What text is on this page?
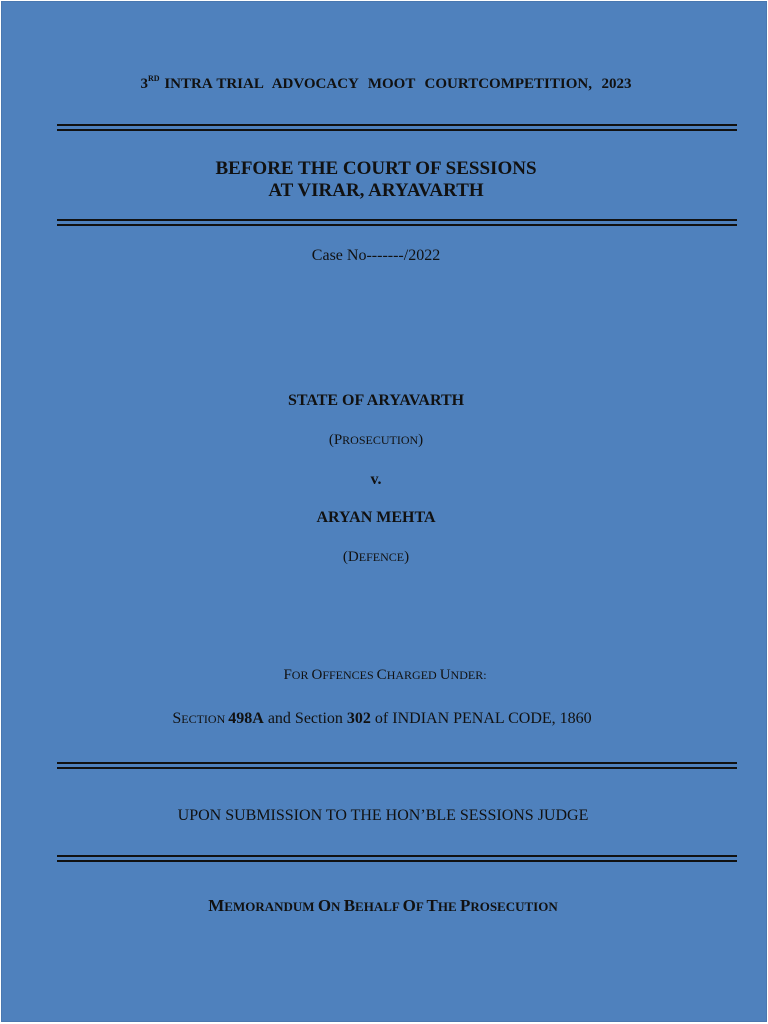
3RD INTRA TRIAL  ADVOCACY  MOOT  COURTCOMPETITION,  2023
BEFORE THE COURT OF SESSIONS
AT VIRAR, ARYAVARTH
Case No-------/2022
STATE OF ARYAVARTH
(PROSECUTION)
v.
ARYAN MEHTA
(DEFENCE)
FOR OFFENCES CHARGED UNDER:
SECTION 498A and Section 302 of INDIAN PENAL CODE, 1860
UPON SUBMISSION TO THE HON’BLE SESSIONS JUDGE
MEMORANDUM ON BEHALF OF THE PROSECUTION
